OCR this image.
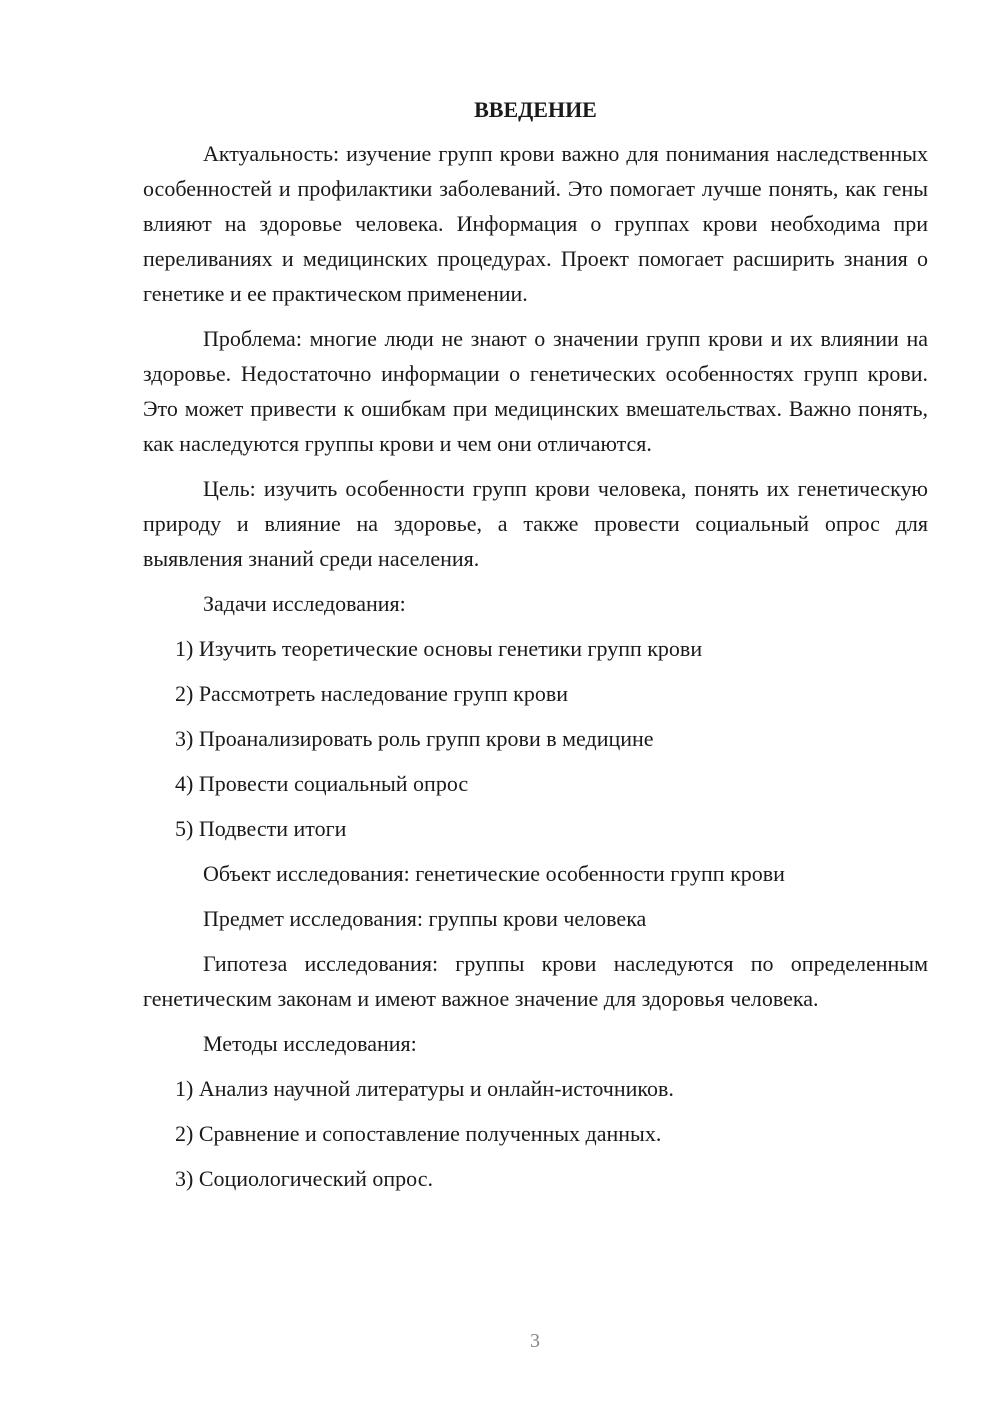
ВВЕДЕНИЕ

Актуальность: изучение групп крови важно для понимания наследственных особенностей и профилактики заболеваний. Это помогает лучше понять, как гены влияют на здоровье человека. Информация о группах крови необходима при переливаниях и медицинских процедурах. Проект помогает расширить знания о генетике и ее практическом применении.

Проблема: многие люди не знают о значении групп крови и их влиянии на здоровье. Недостаточно информации о генетических особенностях групп крови. Это может привести к ошибкам при медицинских вмешательствах. Важно понять, как наследуются группы крови и чем они отличаются.

Цель: изучить особенности групп крови человека, понять их генетическую природу и влияние на здоровье, а также провести социальный опрос для выявления знаний среди населения.

Задачи исследования:
1) Изучить теоретические основы генетики групп крови
2) Рассмотреть наследование групп крови
3) Проанализировать роль групп крови в медицине
4) Провести социальный опрос
5) Подвести итоги
Объект исследования: генетические особенности групп крови
Предмет исследования: группы крови человека

Гипотеза исследования: группы крови наследуются по определенным генетическим законам и имеют важное значение для здоровья человека.

Методы исследования:
1) Анализ научной литературы и онлайн-источников.
2) Сравнение и сопоставление полученных данных.
3) Социологический опрос.
3
